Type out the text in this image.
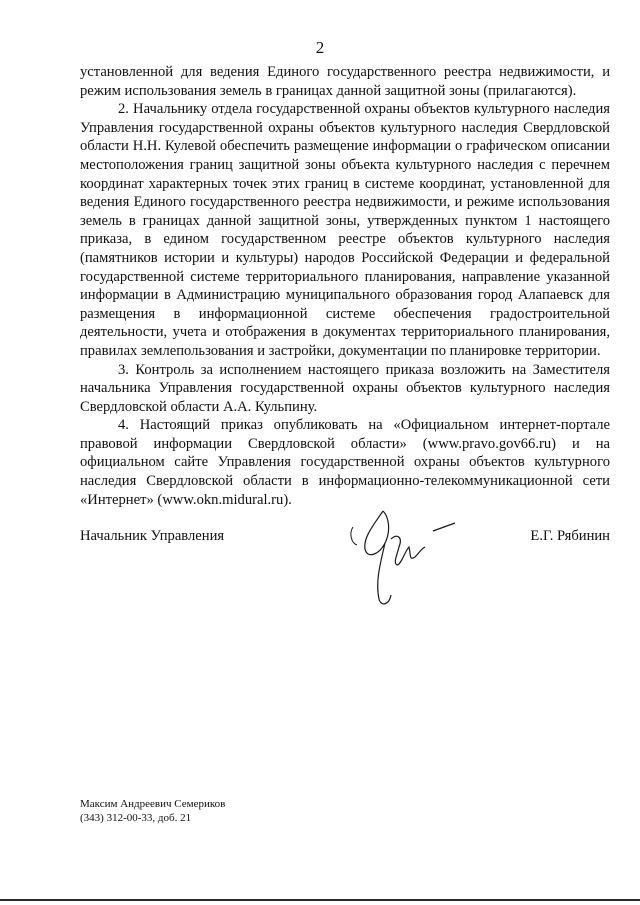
2

установленной для ведения Единого государственного реестра недвижимости, и режим использования земель в границах данной защитной зоны (прилагаются).

2. Начальнику отдела государственной охраны объектов культурного наследия Управления государственной охраны объектов культурного наследия Свердловской области Н.Н. Кулевой обеспечить размещение информации о графическом описании местоположения границ защитной зоны объекта культурного наследия с перечнем координат характерных точек этих границ в системе координат, установленной для ведения Единого государственного реестра недвижимости, и режиме использования земель в границах данной защитной зоны, утвержденных пунктом 1 настоящего приказа, в едином государственном реестре объектов культурного наследия (памятников истории и культуры) народов Российской Федерации и федеральной государственной системе территориального планирования, направление указанной информации в Администрацию муниципального образования город Алапаевск для размещения в информационной системе обеспечения градостроительной деятельности, учета и отображения в документах территориального планирования, правилах землепользования и застройки, документации по планировке территории.

3. Контроль за исполнением настоящего приказа возложить на Заместителя начальника Управления государственной охраны объектов культурного наследия Свердловской области А.А. Кульпину.

4. Настоящий приказ опубликовать на «Официальном интернет-портале правовой информации Свердловской области» (www.pravo.gov66.ru) и на официальном сайте Управления государственной охраны объектов культурного наследия Свердловской области в информационно-телекоммуникационной сети «Интернет» (www.okn.midural.ru).

Начальник Управления	Е.Г. Рябинин
Максим Андреевич Семериков
(343) 312-00-33, доб. 21
